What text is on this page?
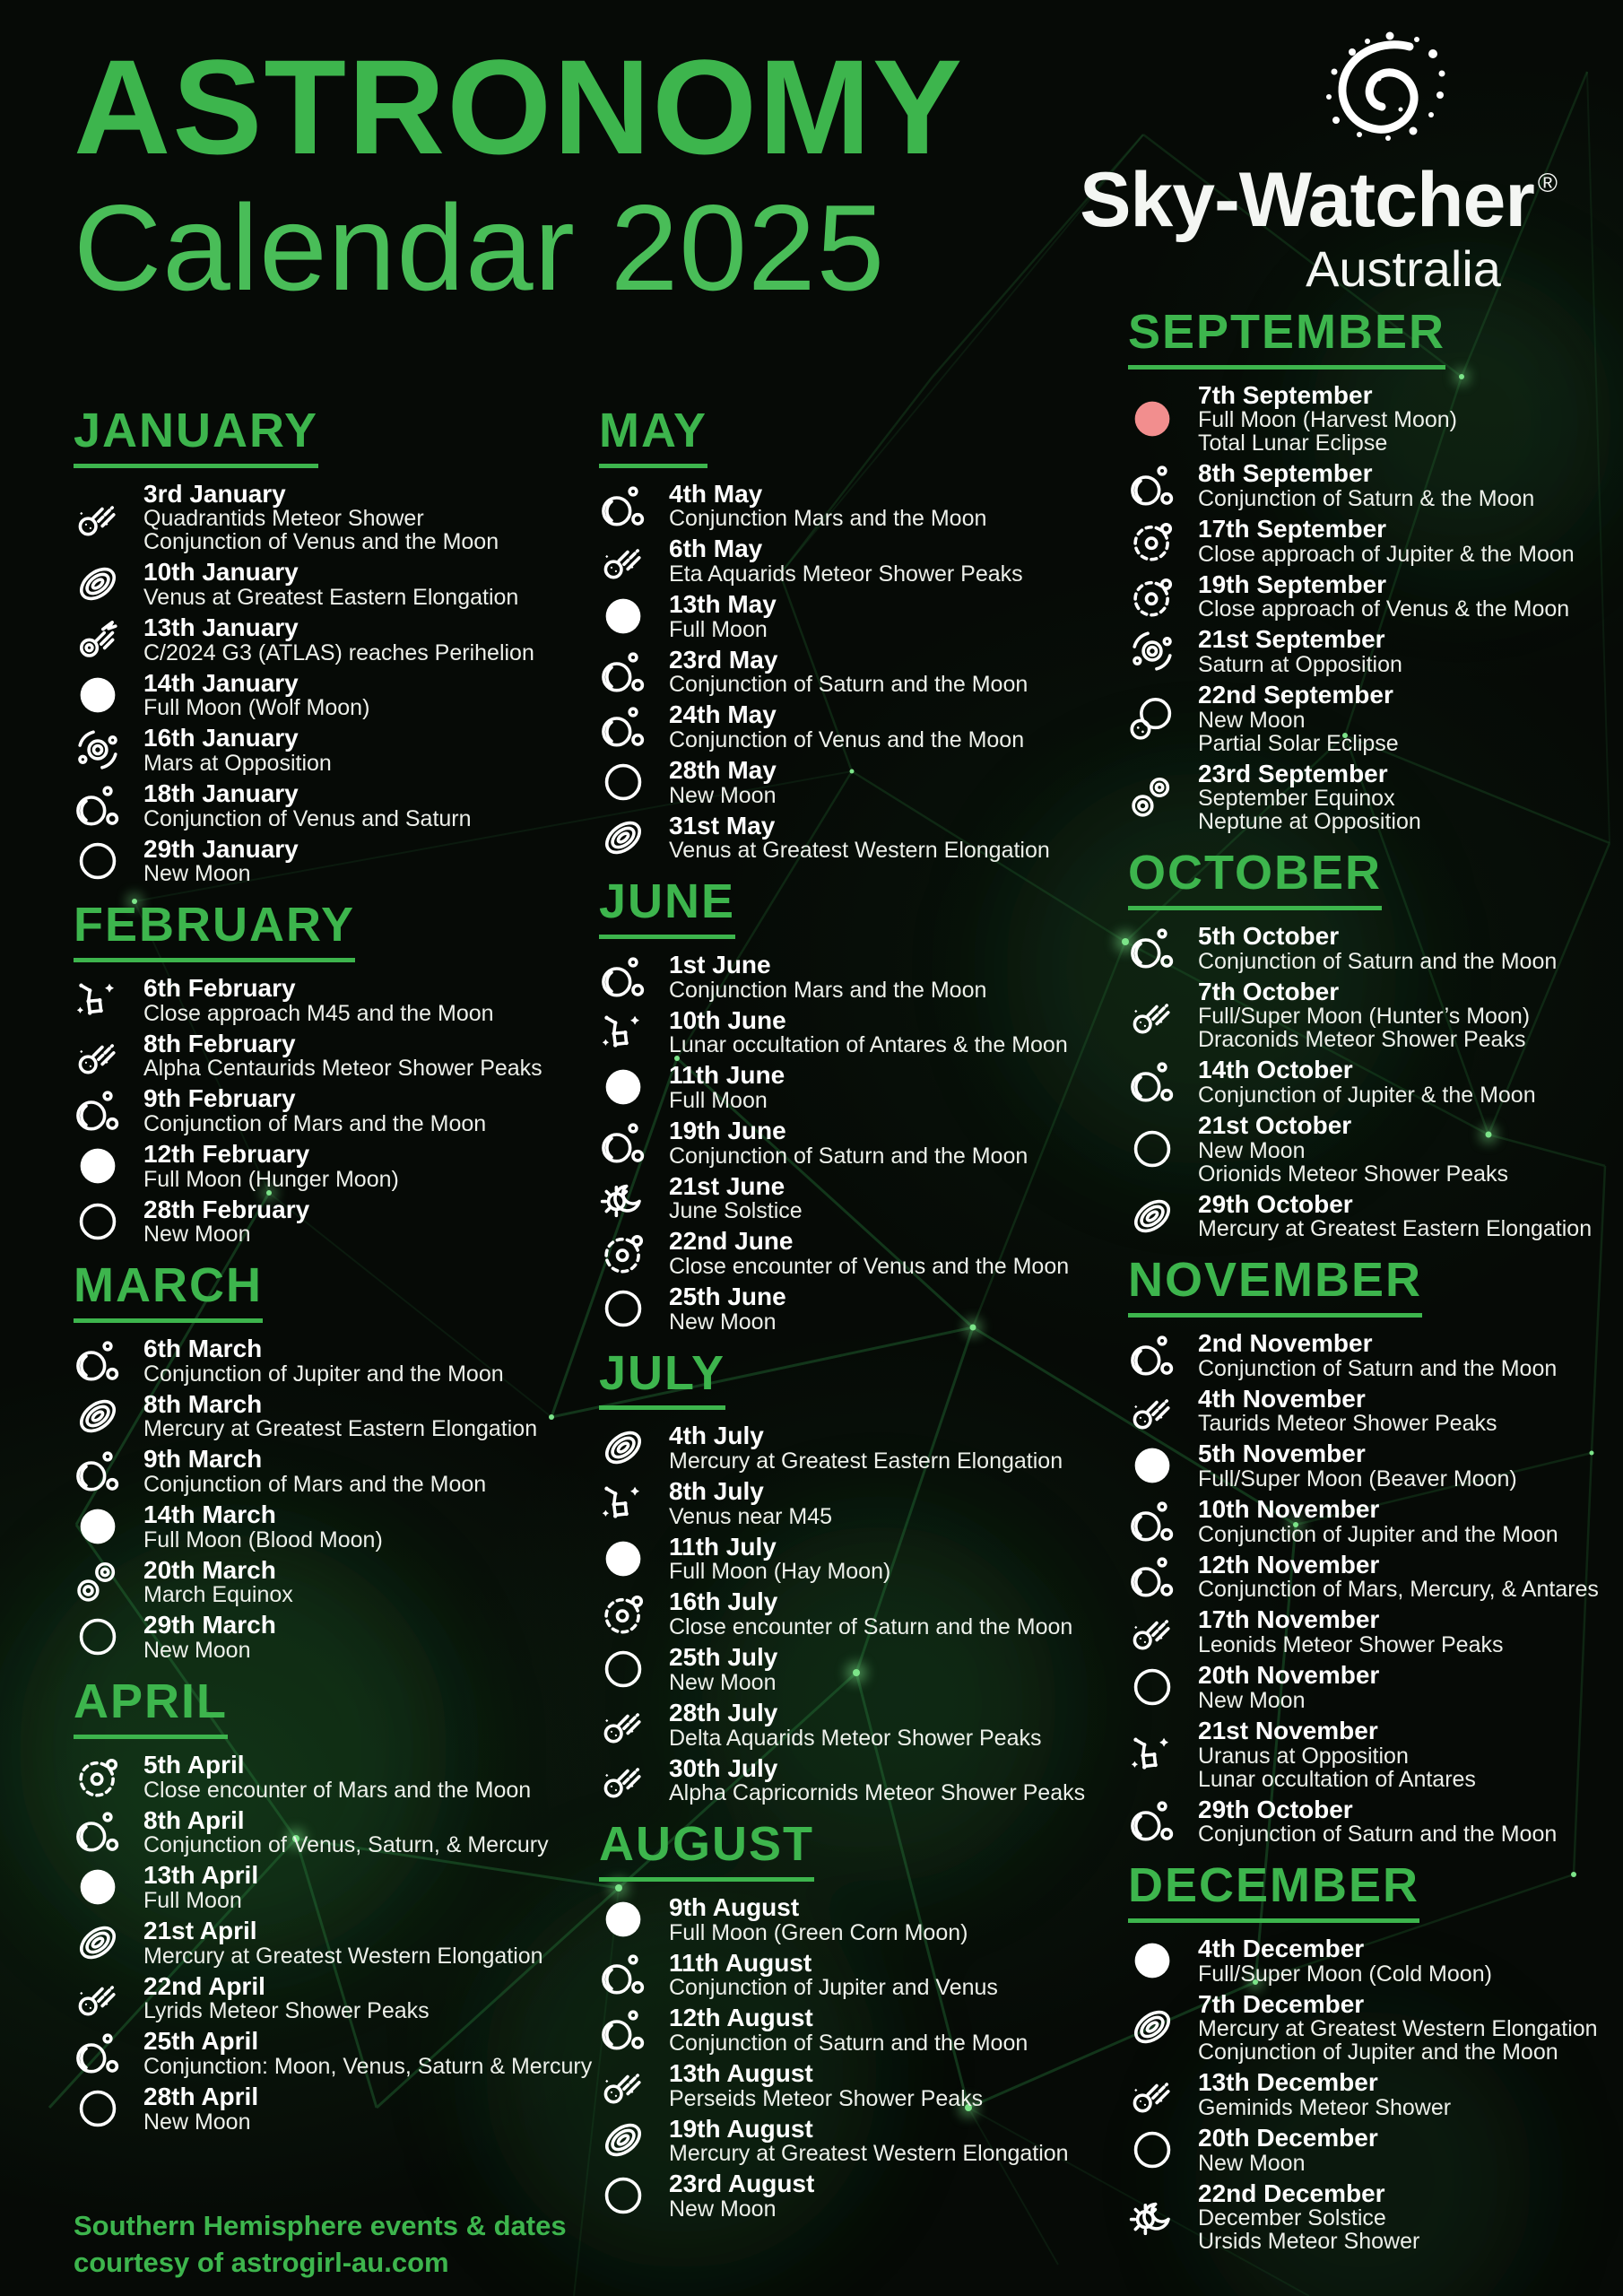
ASTRONOMY
Calendar 2025	Sky-Watcher ®
Australia
JANUARY
3rd January
Quadrantids Meteor Shower
Conjunction of Venus and the Moon
10th January
Venus at Greatest Eastern Elongation
13th January
C/2024 G3 (ATLAS) reaches Perihelion
14th January
Full Moon (Wolf Moon)
16th January
Mars at Opposition
18th January
Conjunction of Venus and Saturn
29th January
New Moon
FEBRUARY
6th February
Close approach M45 and the Moon
8th February
Alpha Centaurids Meteor Shower Peaks
9th February
Conjunction of Mars and the Moon
12th February
Full Moon (Hunger Moon)
28th February
New Moon
MARCH
6th March
Conjunction of Jupiter and the Moon
8th March
Mercury at Greatest Eastern Elongation
9th March
Conjunction of Mars and the Moon
14th March
Full Moon (Blood Moon)
20th March
March Equinox
29th March
New Moon
APRIL
5th April
Close encounter of Mars and the Moon
8th April
Conjunction of Venus, Saturn, & Mercury
13th April
Full Moon
21st April
Mercury at Greatest Western Elongation
22nd April
Lyrids Meteor Shower Peaks
25th April
Conjunction: Moon, Venus, Saturn & Mercury
28th April
New Moon
MAY
4th May
Conjunction Mars and the Moon
6th May
Eta Aquarids Meteor Shower Peaks
13th May
Full Moon
23rd May
Conjunction of Saturn and the Moon
24th May
Conjunction of Venus and the Moon
28th May
New Moon
31st May
Venus at Greatest Western Elongation
JUNE
1st June
Conjunction Mars and the Moon
10th June
Lunar occultation of Antares & the Moon
11th June
Full Moon
19th June
Conjunction of Saturn and the Moon
21st June
June Solstice
22nd June
Close encounter of Venus and the Moon
25th June
New Moon
JULY
4th July
Mercury at Greatest Eastern Elongation
8th July
Venus near M45
11th July
Full Moon (Hay Moon)
16th July
Close encounter of Saturn and the Moon
25th July
New Moon
28th July
Delta Aquarids Meteor Shower Peaks
30th July
Alpha Capricornids Meteor Shower Peaks
AUGUST
9th August
Full Moon (Green Corn Moon)
11th August
Conjunction of Jupiter and Venus
12th August
Conjunction of Saturn and the Moon
13th August
Perseids Meteor Shower Peaks
19th August
Mercury at Greatest Western Elongation
23rd August
New Moon
SEPTEMBER
7th September
Full Moon (Harvest Moon)
Total Lunar Eclipse
8th September
Conjunction of Saturn & the Moon
17th September
Close approach of Jupiter & the Moon
19th September
Close approach of Venus & the Moon
21st September
Saturn at Opposition
22nd September
New Moon
Partial Solar Eclipse
23rd September
September Equinox
Neptune at Opposition
OCTOBER
5th October
Conjunction of Saturn and the Moon
7th October
Full/Super Moon (Hunter’s Moon)
Draconids Meteor Shower Peaks
14th October
Conjunction of Jupiter & the Moon
21st October
New Moon
Orionids Meteor Shower Peaks
29th October
Mercury at Greatest Eastern Elongation
NOVEMBER
2nd November
Conjunction of Saturn and the Moon
4th November
Taurids Meteor Shower Peaks
5th November
Full/Super Moon (Beaver Moon)
10th November
Conjunction of Jupiter and the Moon
12th November
Conjunction of Mars, Mercury, & Antares
17th November
Leonids Meteor Shower Peaks
20th November
New Moon
21st November
Uranus at Opposition
Lunar occultation of Antares
29th October
Conjunction of Saturn and the Moon
DECEMBER
4th December
Full/Super Moon (Cold Moon)
7th December
Mercury at Greatest Western Elongation
Conjunction of Jupiter and the Moon
13th December
Geminids Meteor Shower
20th December
New Moon
22nd December
December Solstice
Ursids Meteor Shower
Southern Hemisphere events & dates
courtesy of astrogirl-au.com
